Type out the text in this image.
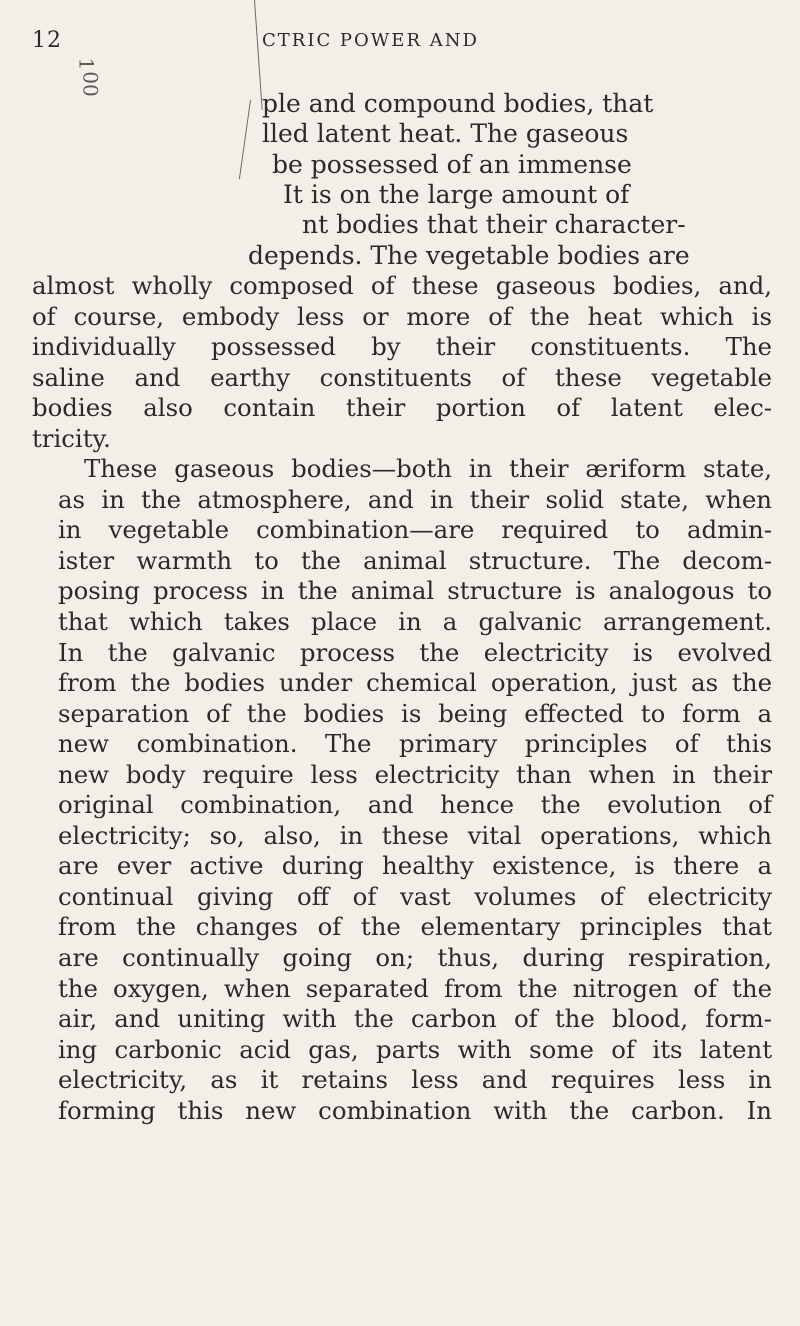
12	CTRIC POWER AND
00
1
ple and compound bodies, that
lled latent heat. The gaseous
be possessed of an immense
It is on the large amount of
nt bodies that their character-
depends. The vegetable bodies are

almost wholly composed of these gaseous bodies, and,
of course, embody less or more of the heat which is
individually possessed by their constituents. The
saline and earthy constituents of these vegetable
bodies also contain their portion of latent elec-
tricity.

These gaseous bodies—both in their æriform state,
as in the atmosphere, and in their solid state, when
in vegetable combination—are required to admin-
ister warmth to the animal structure. The decom-
posing process in the animal structure is analogous to
that which takes place in a galvanic arrangement.
In the galvanic process the electricity is evolved
from the bodies under chemical operation, just as the
separation of the bodies is being effected to form a
new combination. The primary principles of this
new body require less electricity than when in their
original combination, and hence the evolution of
electricity; so, also, in these vital operations, which
are ever active during healthy existence, is there a
continual giving off of vast volumes of electricity
from the changes of the elementary principles that
are continually going on; thus, during respiration,
the oxygen, when separated from the nitrogen of the
air, and uniting with the carbon of the blood, form-
ing carbonic acid gas, parts with some of its latent
electricity, as it retains less and requires less in
forming this new combination with the carbon. In
